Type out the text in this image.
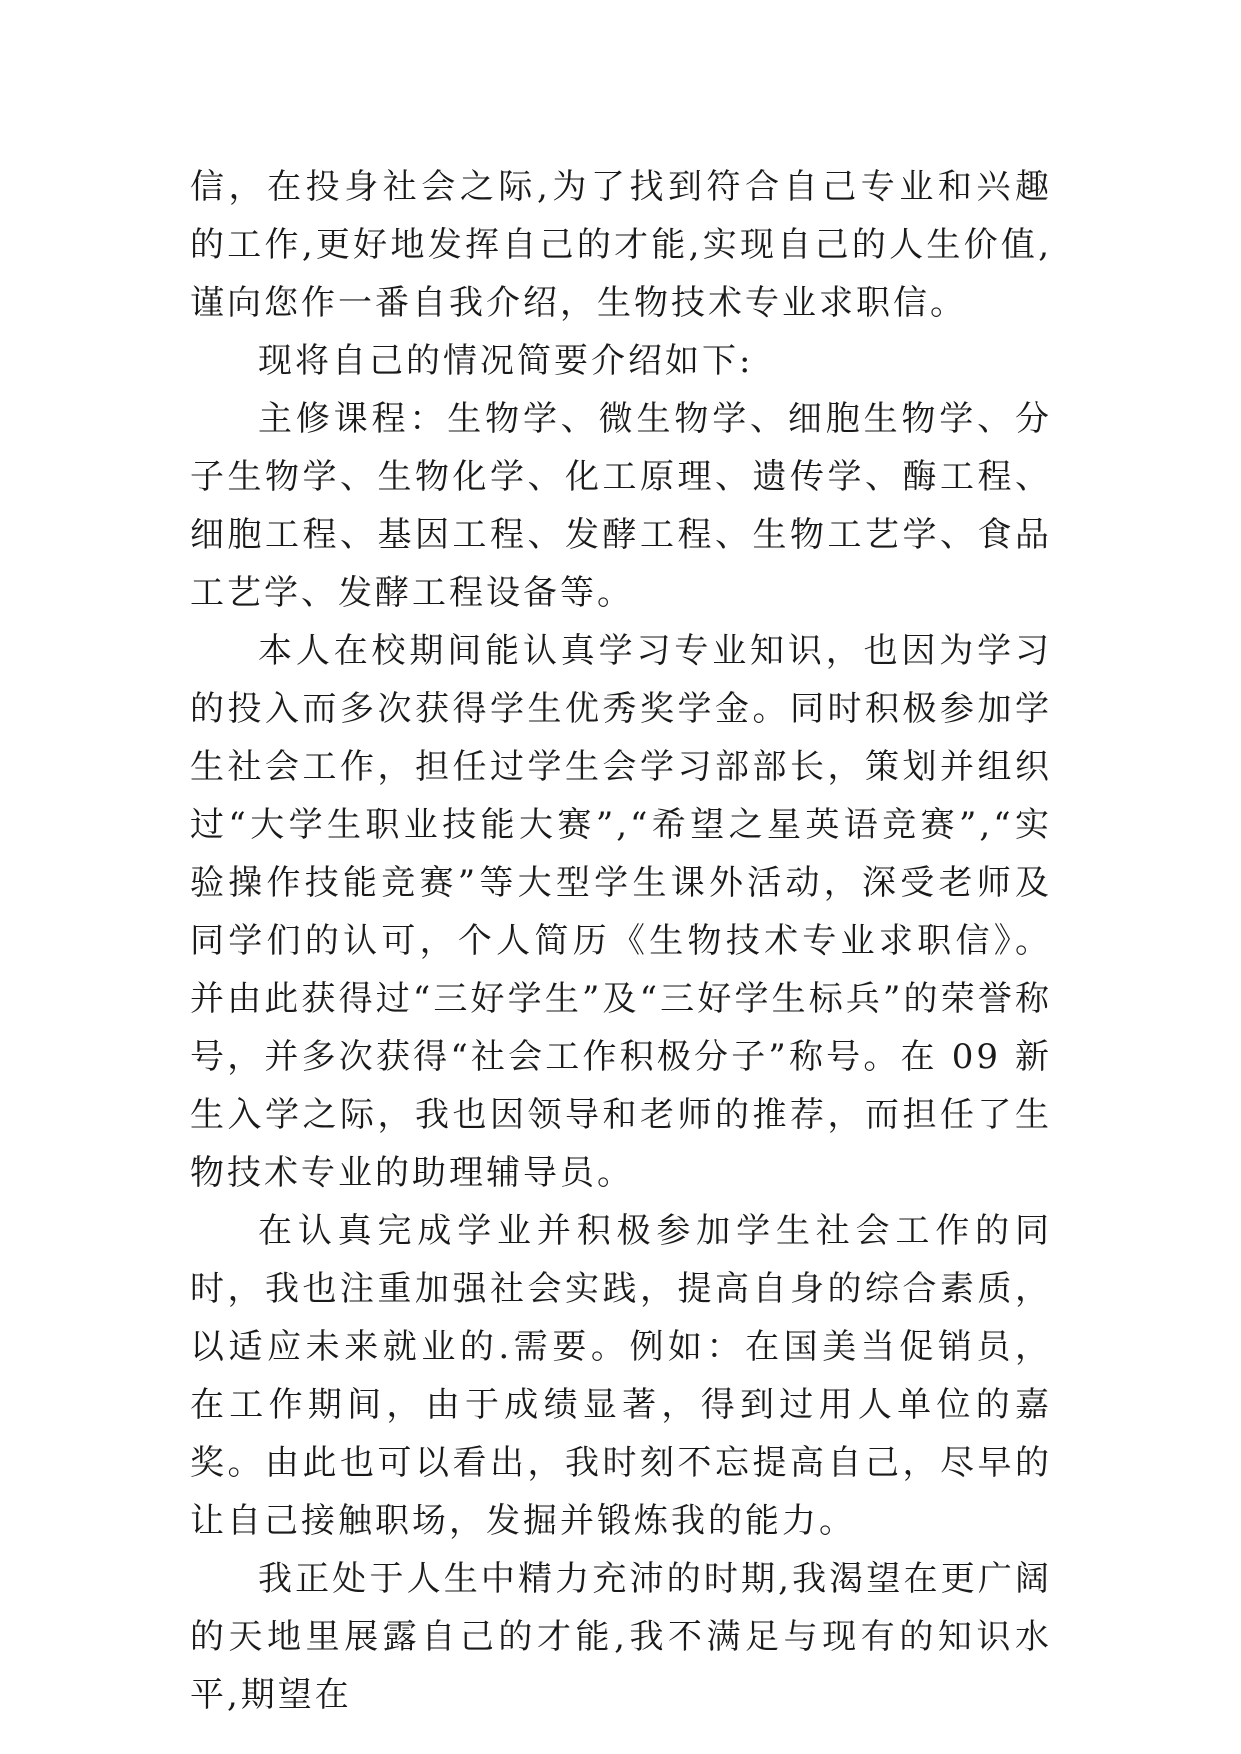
信，在投身社会之际,为了找到符合自己专业和兴趣的工作,更好地发挥自己的才能,实现自己的人生价值,谨向您作一番自我介绍，生物技术专业求职信。

现将自己的情况简要介绍如下:

主修课程：生物学、微生物学、细胞生物学、分子生物学、生物化学、化工原理、遗传学、酶工程、细胞工程、基因工程、发酵工程、生物工艺学、食品工艺学、发酵工程设备等。

本人在校期间能认真学习专业知识，也因为学习的投入而多次获得学生优秀奖学金。同时积极参加学生社会工作，担任过学生会学习部部长，策划并组织过“大学生职业技能大赛”,“希望之星英语竞赛”,“实验操作技能竞赛”等大型学生课外活动，深受老师及同学们的认可，个人简历《生物技术专业求职信》。并由此获得过“三好学生”及“三好学生标兵”的荣誉称号，并多次获得“社会工作积极分子”称号。在 09 新生入学之际，我也因领导和老师的推荐，而担任了生物技术专业的助理辅导员。

在认真完成学业并积极参加学生社会工作的同时，我也注重加强社会实践，提高自身的综合素质，以适应未来就业的.需要。例如：在国美当促销员，在工作期间，由于成绩显著，得到过用人单位的嘉奖。由此也可以看出，我时刻不忘提高自己，尽早的让自己接触职场，发掘并锻炼我的能力。

我正处于人生中精力充沛的时期,我渴望在更广阔的天地里展露自己的才能,我不满足与现有的知识水平,期望在
